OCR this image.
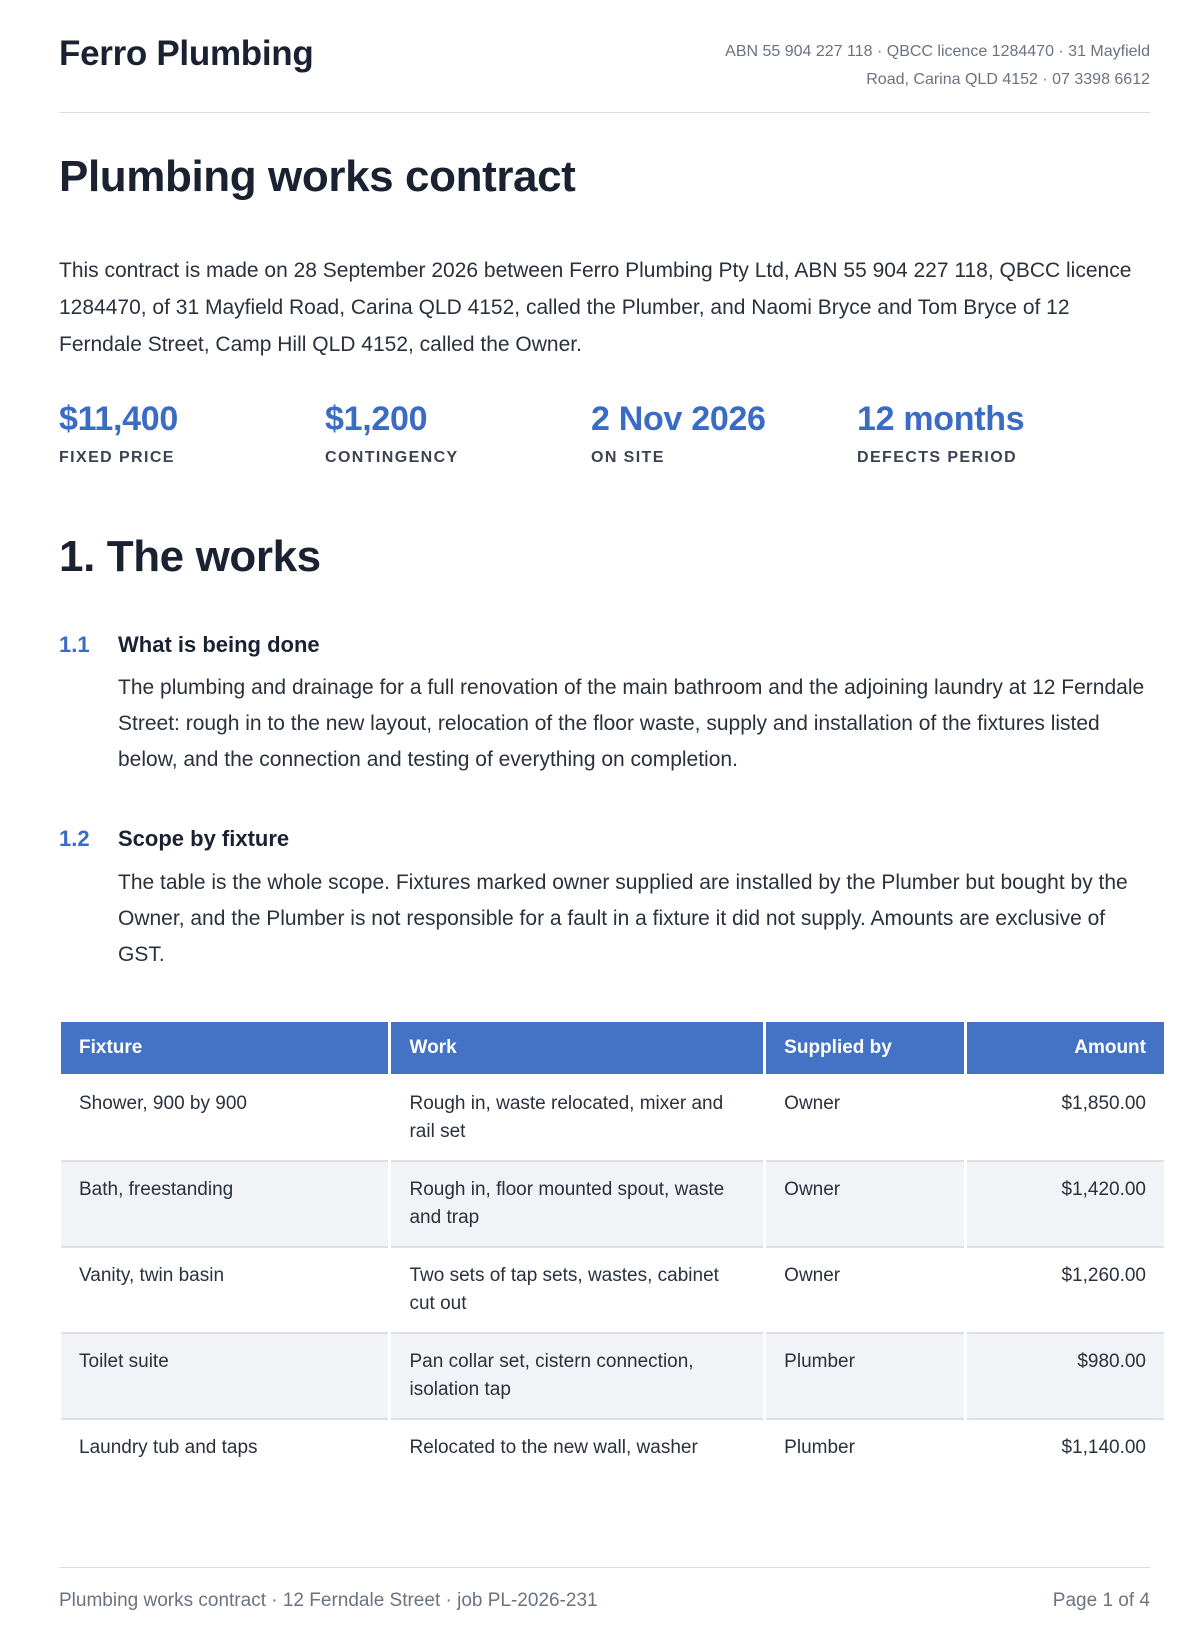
Ferro Plumbing	ABN 55 904 227 118 · QBCC licence 1284470 · 31 Mayfield Road, Carina QLD 4152 · 07 3398 6612
Plumbing works contract

This contract is made on 28 September 2026 between Ferro Plumbing Pty Ltd, ABN 55 904 227 118, QBCC licence 1284470, of 31 Mayfield Road, Carina QLD 4152, called the Plumber, and Naomi Bryce and Tom Bryce of 12 Ferndale Street, Camp Hill QLD 4152, called the Owner.

$11,400
FIXED PRICE
$1,200
CONTINGENCY
2 Nov 2026
ON SITE
12 months
DEFECTS PERIOD
1. The works
1.1 What is being done

The plumbing and drainage for a full renovation of the main bathroom and the adjoining laundry at 12 Ferndale Street: rough in to the new layout, relocation of the floor waste, supply and installation of the fixtures listed below, and the connection and testing of everything on completion.

1.2 Scope by fixture

The table is the whole scope. Fixtures marked owner supplied are installed by the Plumber but bought by the Owner, and the Plumber is not responsible for a fault in a fixture it did not supply. Amounts are exclusive of GST.

Fixture	Work	Supplied by	Amount
Shower, 900 by 900	Rough in, waste relocated, mixer and rail set	Owner	$1,850.00
Bath, freestanding	Rough in, floor mounted spout, waste and trap	Owner	$1,420.00
Vanity, twin basin	Two sets of tap sets, wastes, cabinet cut out	Owner	$1,260.00
Toilet suite	Pan collar set, cistern connection, isolation tap	Plumber	$980.00
Laundry tub and taps	Relocated to the new wall, washer	Plumber	$1,140.00
Plumbing works contract · 12 Ferndale Street · job PL-2026-231	Page 1 of 4
